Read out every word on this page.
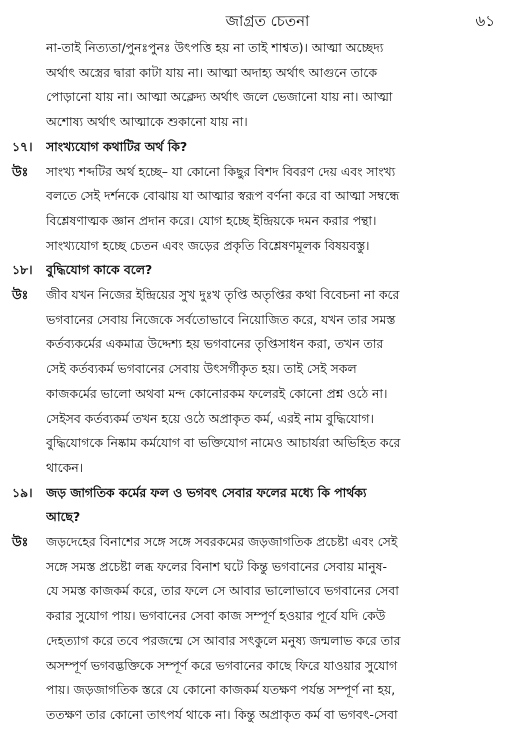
জাগ্রত চেতনা	৬১
না-তাই নিত্যতা/পুনঃপুনঃ উৎপত্তি হয় না তাই শাশ্বত)। আত্মা অচ্ছেদ্য
অর্থাৎ অস্ত্রের দ্বারা কাটা যায় না। আত্মা অদাহ্য অর্থাৎ আগুনে তাকে
পোড়ানো যায় না। আত্মা অক্লেদ্য অর্থাৎ জলে ভেজানো যায় না। আত্মা
অশোষ্য অর্থাৎ আত্মাকে শুকানো যায় না।
১৭।	সাংখ্যযোগ কথাটির অর্থ কি?
উঃ	সাংখ্য শব্দটির অর্থ হচ্ছে– যা কোনো কিছুর বিশদ বিবরণ দেয় এবং সাংখ্য
বলতে সেই দর্শনকে বোঝায় যা আত্মার স্বরূপ বর্ণনা করে বা আত্মা সম্বন্ধে
বিশ্লেষণাত্মক জ্ঞান প্রদান করে। যোগ হচ্ছে ইন্দ্রিয়কে দমন করার পন্থা।
সাংখ্যযোগ হচ্ছে চেতন এবং জড়ের প্রকৃতি বিশ্লেষণমূলক বিষয়বস্তু।
১৮।	বুদ্ধিযোগ কাকে বলে?
উঃ	জীব যখন নিজের ইন্দ্রিয়ের সুখ দুঃখ তৃপ্তি অতৃপ্তির কথা বিবেচনা না করে
ভগবানের সেবায় নিজেকে সর্বতোভাবে নিয়োজিত করে, যখন তার সমস্ত
কর্তব্যকর্মের একমাত্র উদ্দেশ্য হয় ভগবানের তৃপ্তিসাধন করা, তখন তার
সেই কর্তব্যকর্ম ভগবানের সেবায় উৎসর্গীকৃত হয়। তাই সেই সকল
কাজকর্মের ভালো অথবা মন্দ কোনোরকম ফলেরই কোনো প্রশ্ন ওঠে না।
সেইসব কর্তব্যকর্ম তখন হয়ে ওঠে অপ্রাকৃত কর্ম, এরই নাম বুদ্ধিযোগ।
বুদ্ধিযোগকে নিষ্কাম কর্মযোগ বা ভক্তিযোগ নামেও আচার্যরা অভিহিত করে
থাকেন।
১৯।	জড় জাগতিক কর্মের ফল ও ভগবৎ সেবার ফলের মধ্যে কি পার্থক্য
আছে?
উঃ	জড়দেহের বিনাশের সঙ্গে সঙ্গে সবরকমের জড়জাগতিক প্রচেষ্টা এবং সেই
সঙ্গে সমস্ত প্রচেষ্টা লব্ধ ফলের বিনাশ ঘটে কিন্তু ভগবানের সেবায় মানুষ-
যে সমস্ত কাজকর্ম করে, তার ফলে সে আবার ভালোভাবে ভগবানের সেবা
করার সুযোগ পায়। ভগবানের সেবা কাজ সম্পূর্ণ হওয়ার পূর্বে যদি কেউ
দেহত্যাগ করে তবে পরজন্মে সে আবার সৎকুলে মনুষ্য জন্মলাভ করে তার
অসম্পূর্ণ ভগবদ্ভক্তিকে সম্পূর্ণ করে ভগবানের কাছে ফিরে যাওয়ার সুযোগ
পায়। জড়জাগতিক স্তরে যে কোনো কাজকর্ম যতক্ষণ পর্যন্ত সম্পূর্ণ না হয়,
ততক্ষণ তার কোনো তাৎপর্য থাকে না। কিন্তু অপ্রাকৃত কর্ম বা ভগবৎ-সেবা
